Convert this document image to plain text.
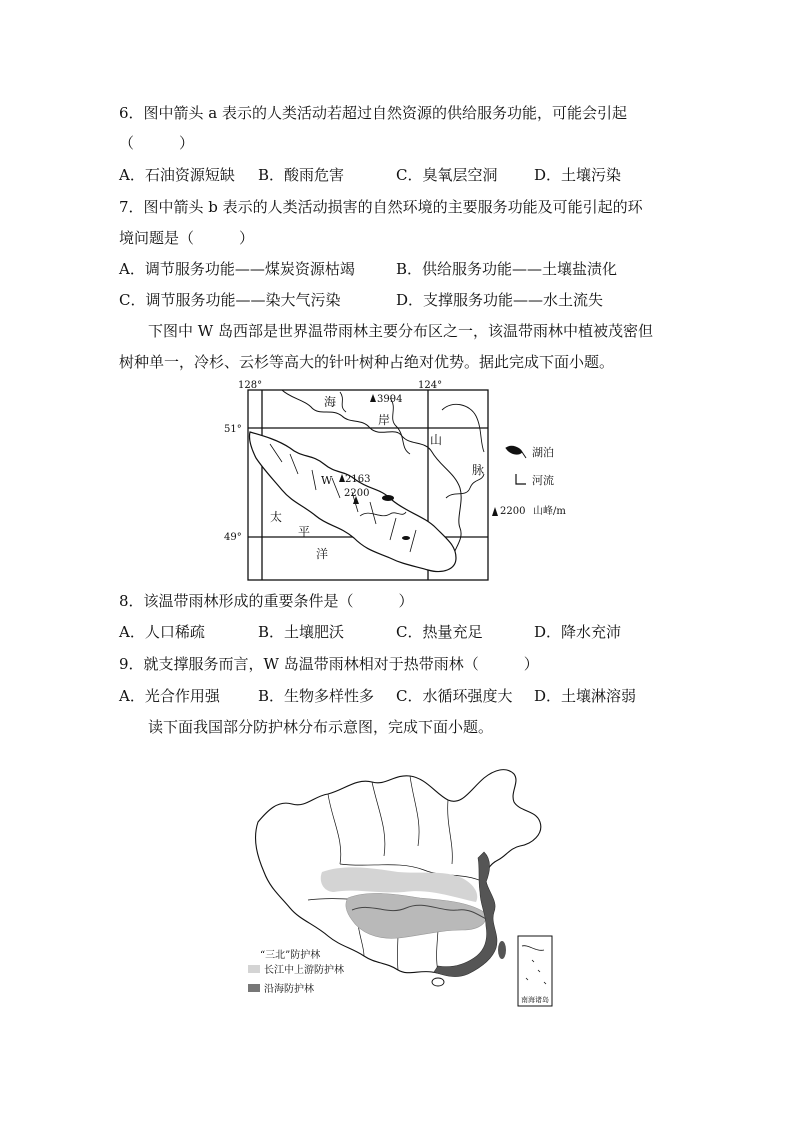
6．图中箭头 a 表示的人类活动若超过自然资源的供给服务功能，可能会引起
（　　　）
A．石油资源短缺 B．酸雨危害	C．臭氧层空洞 D．土壤污染
7．图中箭头 b 表示的人类活动损害的自然环境的主要服务功能及可能引起的环
境问题是（　　　）
A．调节服务功能——煤炭资源枯竭	B．供给服务功能——土壤盐渍化
C．调节服务功能——染大气污染	D．支撑服务功能——水土流失
下图中 W 岛西部是世界温带雨林主要分布区之一，该温带雨林中植被茂密但
树种单一，冷杉、云杉等高大的针叶树种占绝对优势。据此完成下面小题。
128°	124°
51°
49°
3994
2163
2200
W
海
岸
山
脉
太
平
洋
湖泊
河流
2200 山峰/m
8．该温带雨林形成的重要条件是（　　　）
A．人口稀疏	B．土壤肥沃	C．热量充足	D．降水充沛
9．就支撑服务而言，W 岛温带雨林相对于热带雨林（　　　）
A．光合作用强	B．生物多样性多 C．水循环强度大 D．土壤淋溶弱
读下面我国部分防护林分布示意图，完成下面小题。
南海诸岛
“三北”防护林
长江中上游防护林
沿海防护林
